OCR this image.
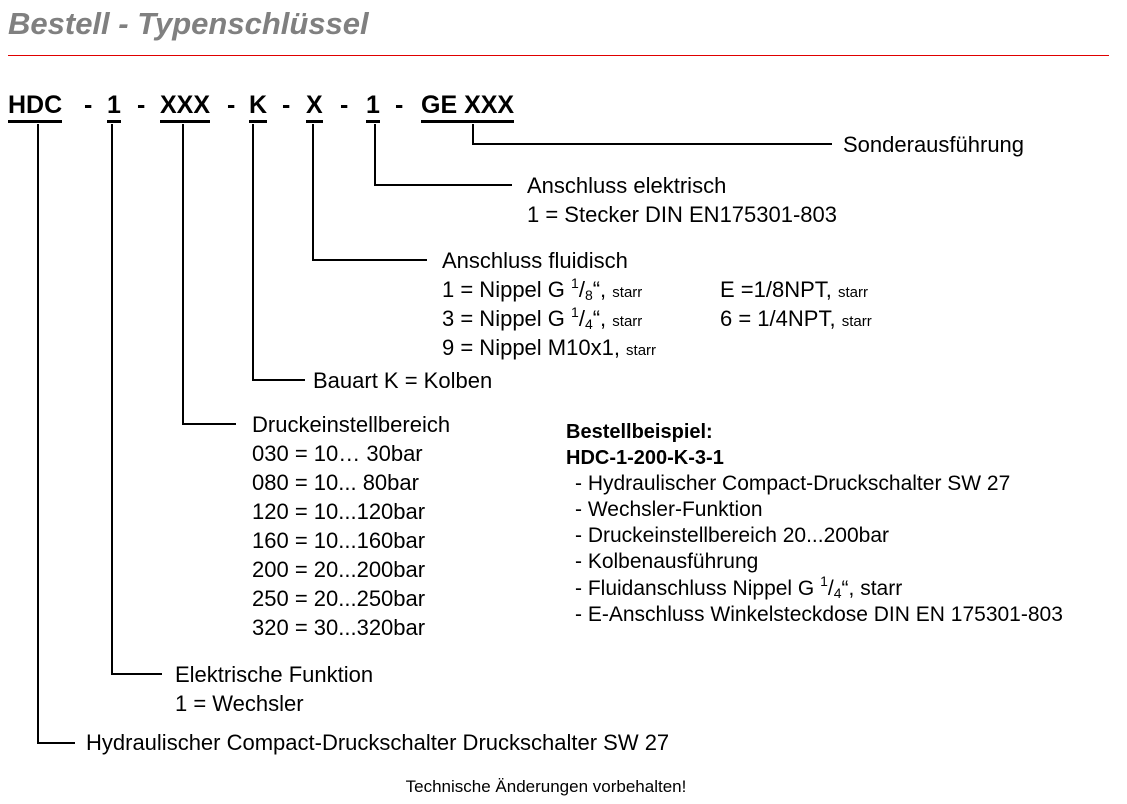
Bestell - Typenschlüssel
HDC - 1 - XXX - K - X - 1 - GE XXX
Sonderausführung
Anschluss elektrisch
1 = Stecker DIN EN175301-803
Anschluss fluidisch
1 = Nippel G $^1/_8“$, starr
3 = Nippel G $^1/_4“$, starr
9 = Nippel M10x1, starr
E =1/8NPT, starr
6 = 1/4NPT, starr
Bauart K = Kolben
Druckeinstellbereich
030 = 10… 30bar
080 = 10... 80bar
120 = 10...120bar
160 = 10...160bar
200 = 20...200bar
250 = 20...250bar
320 = 30...320bar
Elektrische Funktion
1 = Wechsler
Hydraulischer Compact-Druckschalter Druckschalter SW 27
Bestellbeispiel:
HDC-1-200-K-3-1
- Hydraulischer Compact-Druckschalter SW 27
- Wechsler-Funktion
- Druckeinstellbereich 20...200bar
- Kolbenausführung
- Fluidanschluss Nippel G $^1/_4“$, starr
- E-Anschluss Winkelsteckdose DIN EN 175301-803
Technische Änderungen vorbehalten!
